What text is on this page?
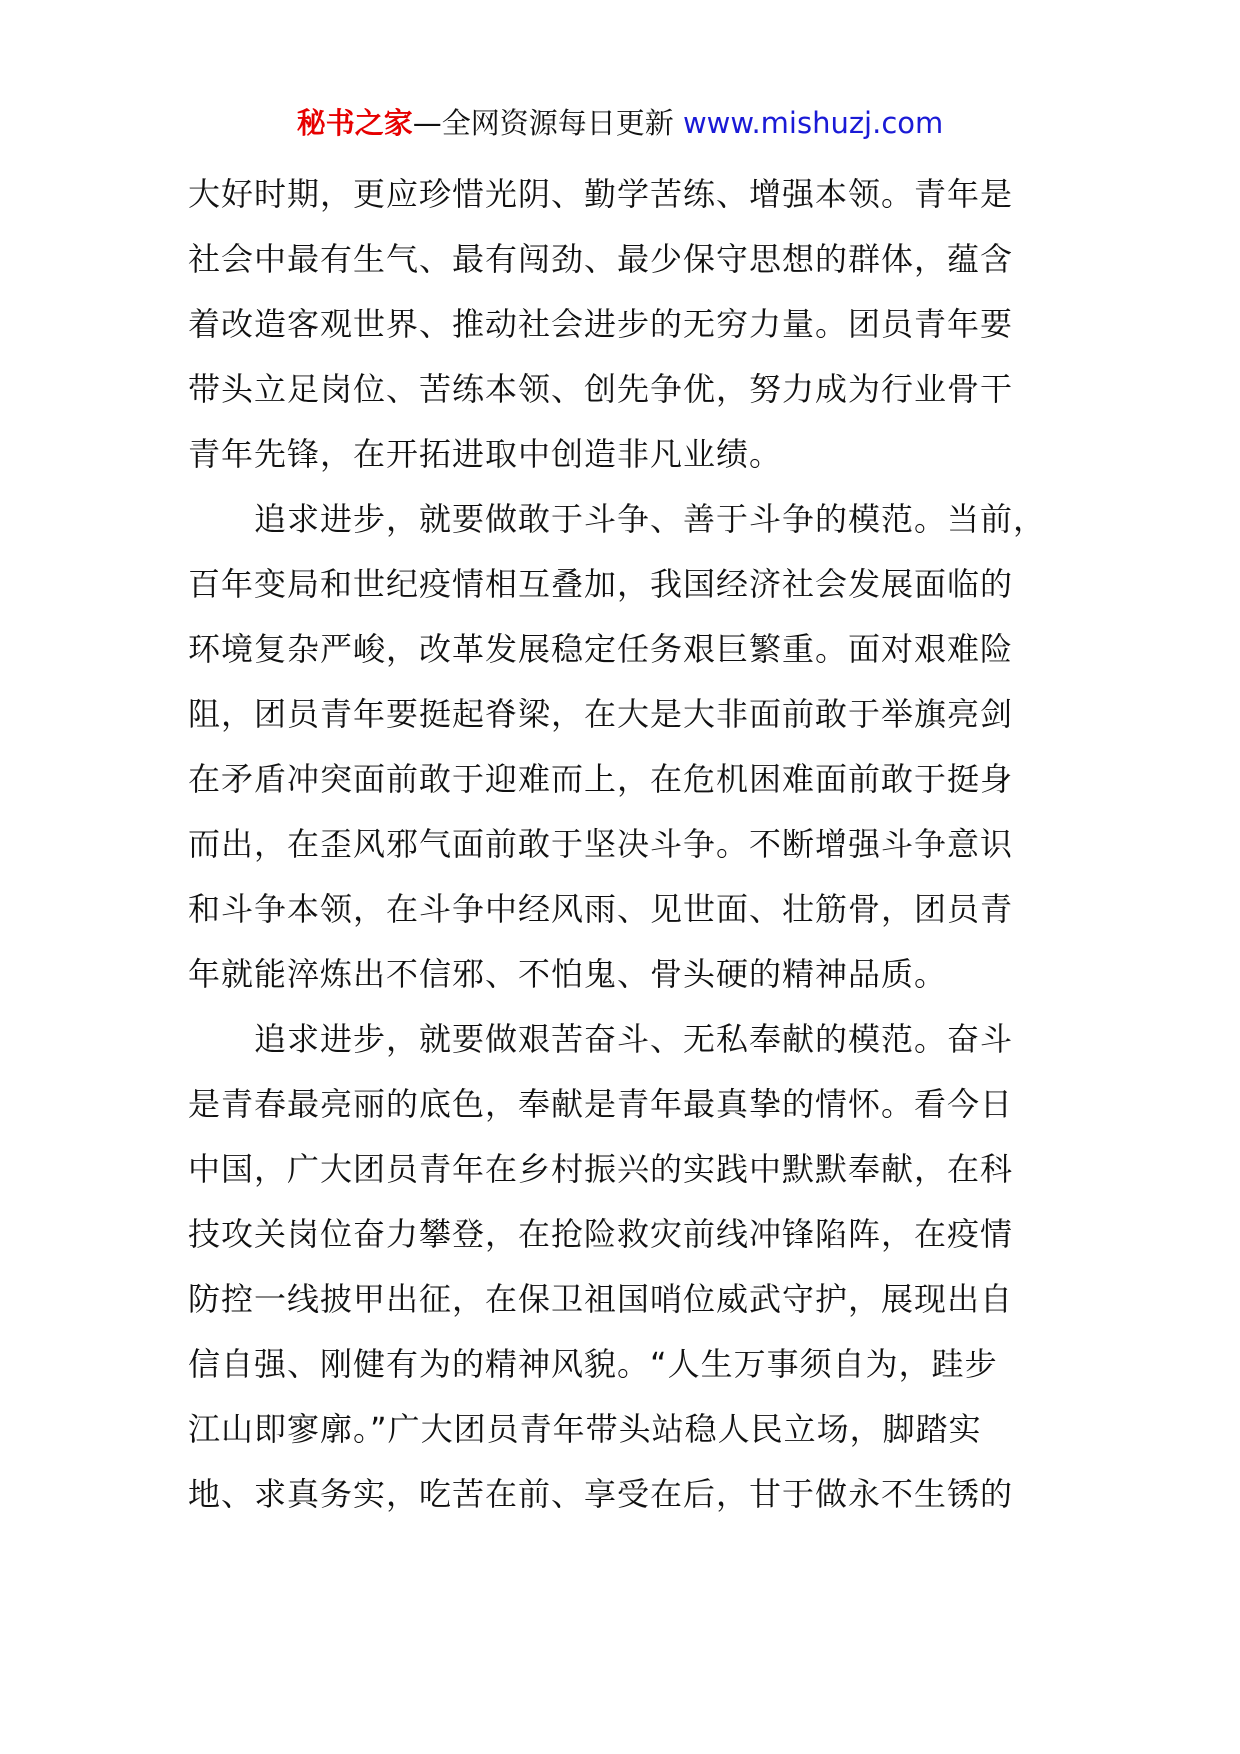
秘书之家—全网资源每日更新 www.mishuzj.com
大好时期，更应珍惜光阴、勤学苦练、增强本领。青年是
社会中最有生气、最有闯劲、最少保守思想的群体，蕴含
着改造客观世界、推动社会进步的无穷力量。团员青年要
带头立足岗位、苦练本领、创先争优，努力成为行业骨干
青年先锋，在开拓进取中创造非凡业绩。
追求进步，就要做敢于斗争、善于斗争的模范。当前，
百年变局和世纪疫情相互叠加，我国经济社会发展面临的
环境复杂严峻，改革发展稳定任务艰巨繁重。面对艰难险
阻，团员青年要挺起脊梁，在大是大非面前敢于举旗亮剑
在矛盾冲突面前敢于迎难而上，在危机困难面前敢于挺身
而出，在歪风邪气面前敢于坚决斗争。不断增强斗争意识
和斗争本领，在斗争中经风雨、见世面、壮筋骨，团员青
年就能淬炼出不信邪、不怕鬼、骨头硬的精神品质。
追求进步，就要做艰苦奋斗、无私奉献的模范。奋斗
是青春最亮丽的底色，奉献是青年最真挚的情怀。看今日
中国，广大团员青年在乡村振兴的实践中默默奉献，在科
技攻关岗位奋力攀登，在抢险救灾前线冲锋陷阵，在疫情
防控一线披甲出征，在保卫祖国哨位威武守护，展现出自
信自强、刚健有为的精神风貌。“人生万事须自为，跬步
江山即寥廓。”广大团员青年带头站稳人民立场，脚踏实
地、求真务实，吃苦在前、享受在后，甘于做永不生锈的
